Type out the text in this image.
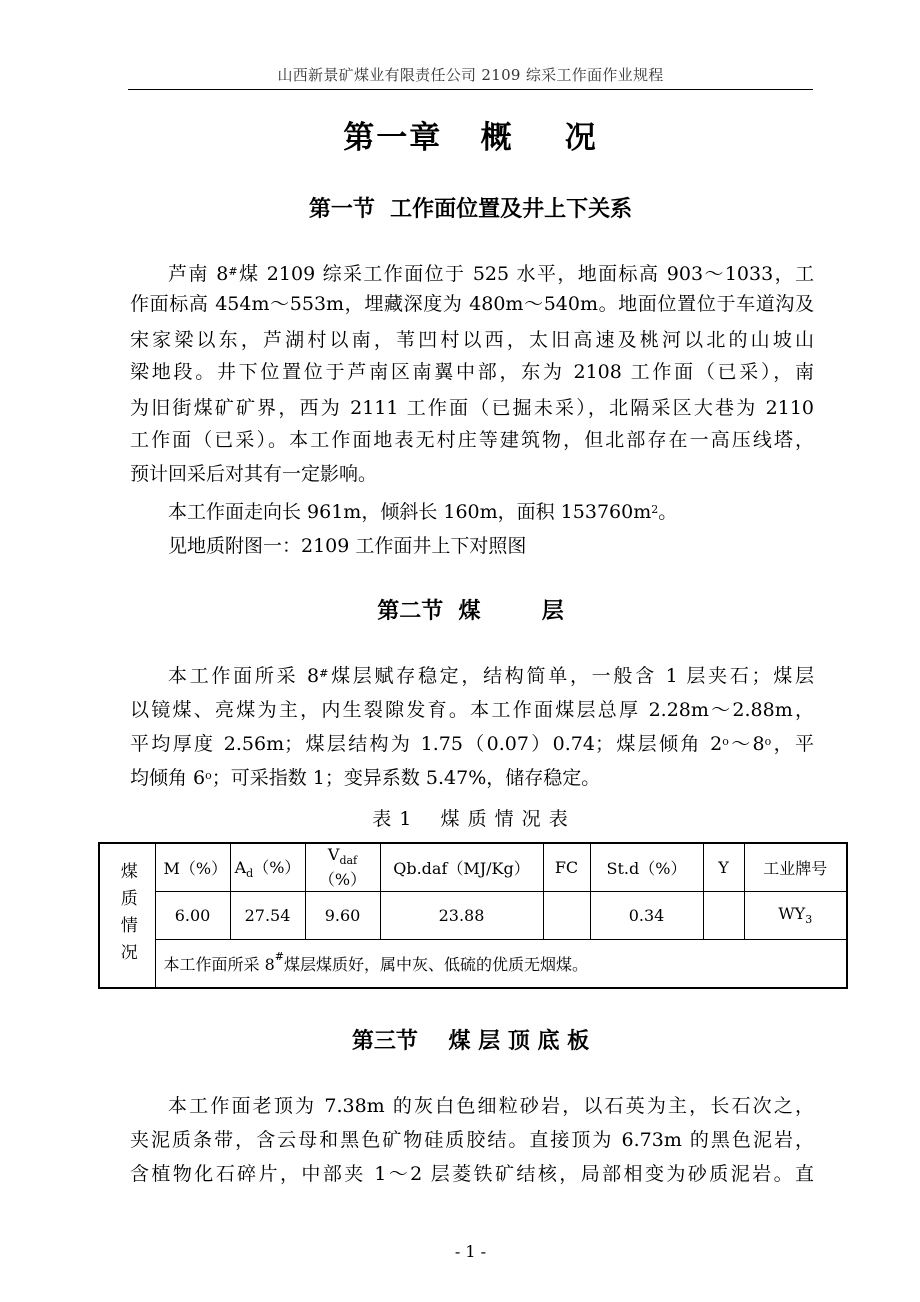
山西新景矿煤业有限责任公司 2109 综采工作面作业规程
第一章   概    况
第一节  工作面位置及井上下关系
芦南 8#煤 2109 综采工作面位于 525 水平，地面标高 903～1033，工
作面标高 454m～553m，埋藏深度为 480m～540m。地面位置位于车道沟及
宋家梁以东，芦湖村以南，苇凹村以西，太旧高速及桃河以北的山坡山
梁地段。井下位置位于芦南区南翼中部，东为 2108 工作面（已采），南
为旧街煤矿矿界，西为 2111 工作面（已掘未采），北隔采区大巷为 2110
工作面（已采）。本工作面地表无村庄等建筑物，但北部存在一高压线塔，
预计回采后对其有一定影响。
本工作面走向长 961m，倾斜长 160m，面积 $153760m^2$。
见地质附图一：2109 工作面井上下对照图
第二节  煤        层
本工作面所采 8#煤层赋存稳定，结构简单，一般含 1 层夹石；煤层
以镜煤、亮煤为主，内生裂隙发育。本工作面煤层总厚 2.28m～2.88m，
平均厚度 2.56m；煤层结构为 1.75（0.07）0.74；煤层倾角 2$^o$～8$^o$，平
均倾角 6$^o$；可采指数 1；变异系数 5.47%，储存稳定。
表 1    煤 质 情 况 表
煤质情况	M（%）	$A_d(\%)$	$V_{daf}(\%)$	Qb.daf（MJ/Kg）	FC	St.d（%）	Y	工业牌号
	6.00	27.54	9.60	23.88		0.34		$WY_3$
	本工作面所采 8#煤层煤质好，属中灰、低硫的优质无烟煤。							
第三节    煤 层 顶 底 板
本工作面老顶为 7.38m 的灰白色细粒砂岩，以石英为主，长石次之，
夹泥质条带，含云母和黑色矿物硅质胶结。直接顶为 6.73m 的黑色泥岩，
含植物化石碎片，中部夹 1～2 层菱铁矿结核，局部相变为砂质泥岩。直
- 1 -
